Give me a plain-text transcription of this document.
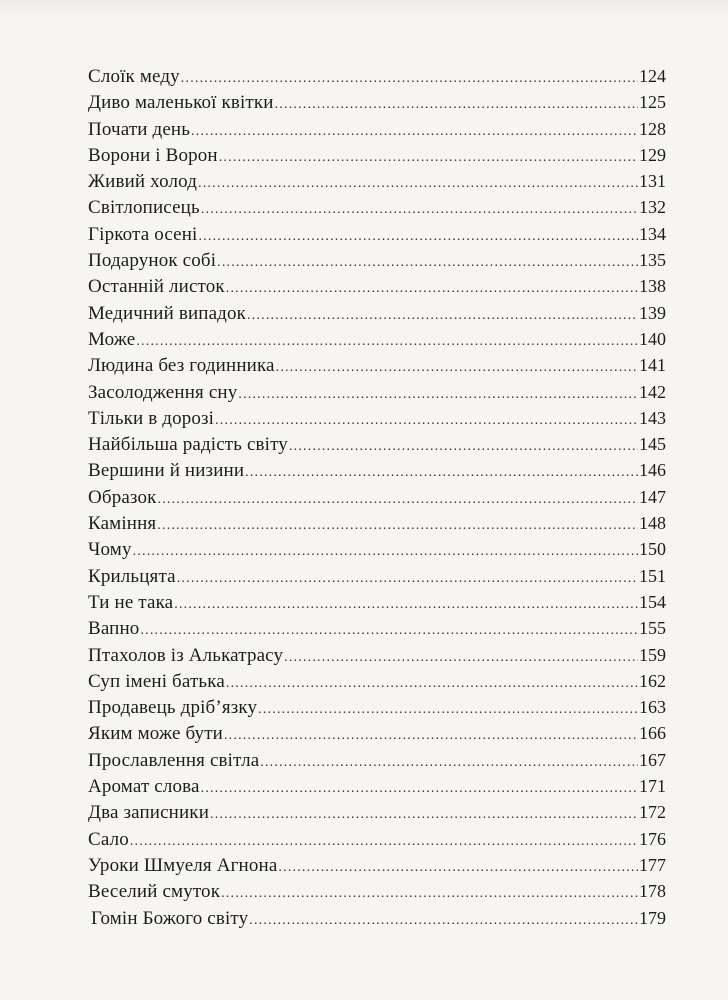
Слоїк меду .....	124
Диво маленької квітки .....	125
Почати день .....	128
Ворони і Ворон .....	129
Живий холод .....	131
Світлописець .....	132
Гіркота осені .....	134
Подарунок собі .....	135
Останній листок .....	138
Медичний випадок .....	139
Може .....	140
Людина без годинника .....	141
Засолодження сну .....	142
Тільки в дорозі .....	143
Найбільша радість світу .....	145
Вершини й низини .....	146
Образок .....	147
Каміння .....	148
Чому .....	150
Крильцята .....	151
Ти не така .....	154
Вапно .....	155
Птахолов із Алькатрасу .....	159
Суп імені батька .....	162
Продавець дріб’язку .....	163
Яким може бути .....	166
Прославлення світла .....	167
Аромат слова .....	171
Два записники .....	172
Сало .....	176
Уроки Шмуеля Агнона .....	177
Веселий смуток .....	178
Гомін Божого світу .....	179
